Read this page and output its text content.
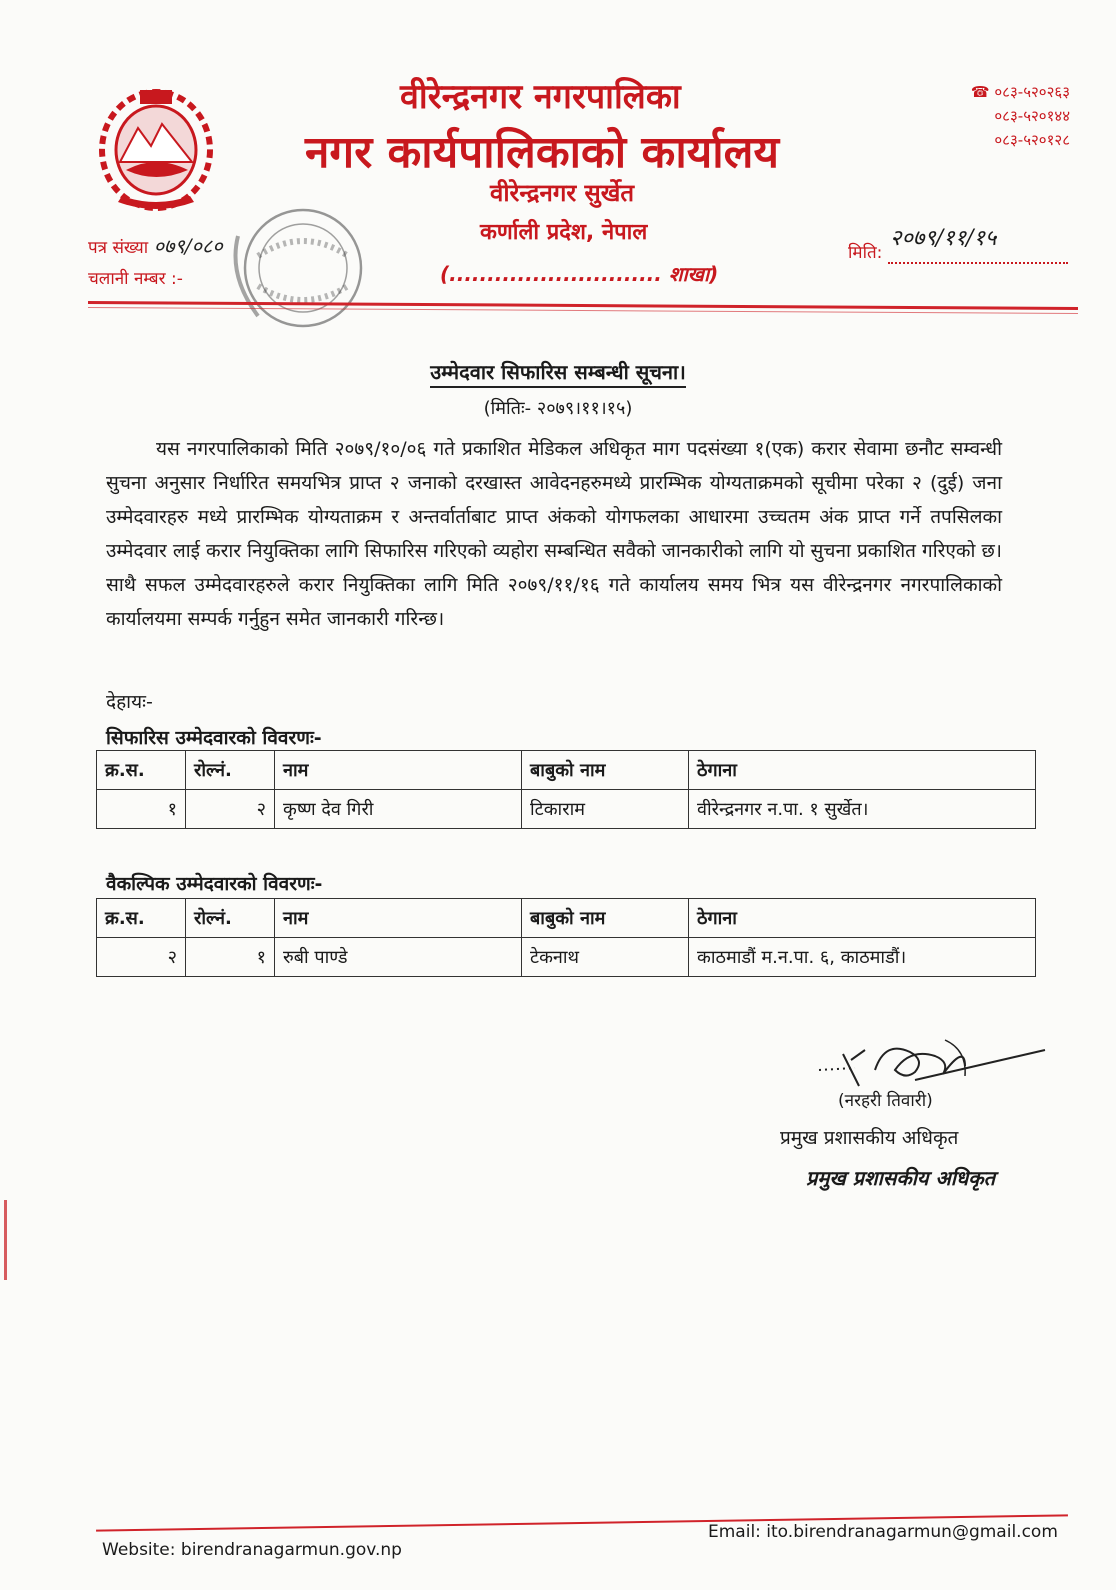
वीरेन्द्रनगर नगरपालिका
नगर कार्यपालिकाको कार्यालय
वीरेन्द्रनगर सुर्खेत
कर्णाली प्रदेश, नेपाल
(............................ शाखा)
☎ ०८३-५२०२६३
०८३-५२०१४४
०८३-५२०१२८
पत्र संख्या ०७९/०८०
चलानी नम्बर :-
मिति:
२०७९/११/१५
उम्मेदवार सिफारिस सम्बन्धी सूचना।
(मितिः- २०७९।११।१५)
यस नगरपालिकाको मिति २०७९/१०/०६ गते प्रकाशित मेडिकल अधिकृत माग पदसंख्या १(एक) करार सेवामा छनौट सम्वन्धी सुचना अनुसार निर्धारित समयभित्र प्राप्त २ जनाको दरखास्त आवेदनहरुमध्ये प्रारम्भिक योग्यताक्रमको सूचीमा परेका २ (दुई) जना उम्मेदवारहरु मध्ये प्रारम्भिक योग्यताक्रम र अन्तर्वार्ताबाट प्राप्त अंकको योगफलका आधारमा उच्चतम अंक प्राप्त गर्ने तपसिलका उम्मेदवार लाई करार नियुक्तिका लागि सिफारिस गरिएको व्यहोरा सम्बन्धित सवैको जानकारीको लागि यो सुचना प्रकाशित गरिएको छ। साथै सफल उम्मेदवारहरुले करार नियुक्तिका लागि मिति २०७९/११/१६ गते कार्यालय समय भित्र यस वीरेन्द्रनगर नगरपालिकाको कार्यालयमा सम्पर्क गर्नुहुन समेत जानकारी गरिन्छ।
देहायः-
सिफारिस उम्मेदवारको विवरणः-
क्र.स.	रोल्नं.	नाम	बाबुको नाम	ठेगाना
१	२	कृष्ण देव गिरी	टिकाराम	वीरेन्द्रनगर न.पा. १ सुर्खेत।
वैकल्पिक उम्मेदवारको विवरणः-
क्र.स.	रोल्नं.	नाम	बाबुको नाम	ठेगाना
२	१	रुबी पाण्डे	टेकनाथ	काठमाडौं म.न.पा. ६, काठमाडौं।
(नरहरी तिवारी)
प्रमुख प्रशासकीय अधिकृत
प्रमुख प्रशासकीय अधिकृत
Website: birendranagarmun.gov.np
Email: ito.birendranagarmun@gmail.com
